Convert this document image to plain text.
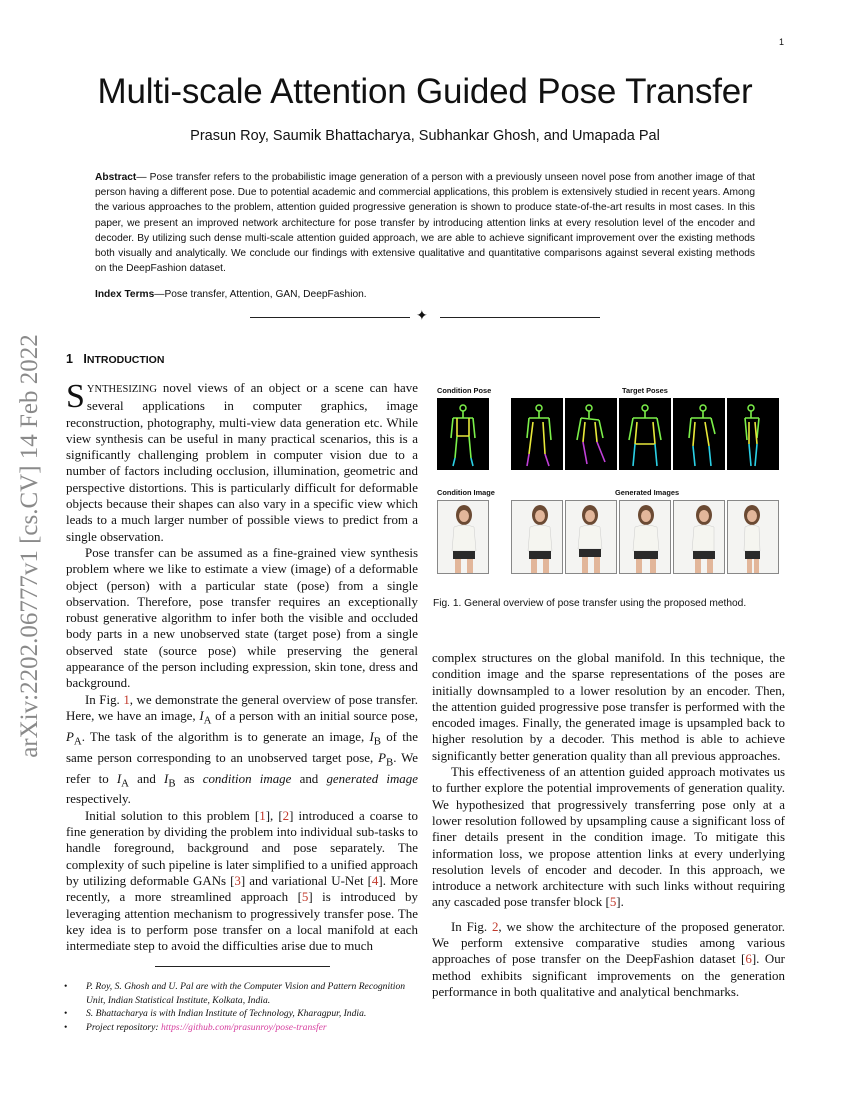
1
Multi-scale Attention Guided Pose Transfer
Prasun Roy, Saumik Bhattacharya, Subhankar Ghosh, and Umapada Pal

Abstract— Pose transfer refers to the probabilistic image generation of a person with a previously unseen novel pose from another image of that person having a different pose. Due to potential academic and commercial applications, this problem is extensively studied in recent years. Among the various approaches to the problem, attention guided progressive generation is shown to produce state-of-the-art results in most cases. In this paper, we present an improved network architecture for pose transfer by introducing attention links at every resolution level of the encoder and decoder. By utilizing such dense multi-scale attention guided approach, we are able to achieve significant improvement over the existing methods both visually and analytically. We conclude our findings with extensive qualitative and quantitative comparisons against several existing methods on the DeepFashion dataset.

Index Terms—Pose transfer, Attention, GAN, DeepFashion.

✦
arXiv:2202.06777v1 [cs.CV] 14 Feb 2022 1 INTRODUCTION

SYNTHESIZING novel views of an object or a scene can have several applications in computer graphics, image reconstruction, photography, multi-view data generation etc. While view synthesis can be useful in many practical scenarios, this is a significantly challenging problem in computer vision due to a number of factors including occlusion, illumination, geometric and perspective distortions. This is particularly difficult for deformable objects because their shapes can also vary in a specific view which leads to a much larger number of possible views to predict from a single observation.

Pose transfer can be assumed as a fine-grained view synthesis problem where we like to estimate a view (image) of a deformable object (person) with a particular state (pose) from a single observation. Therefore, pose transfer requires an exceptionally robust generative algorithm to infer both the visible and occluded body parts in a new unobserved state (target pose) from a single observed state (source pose) while preserving the general appearance of the person including expression, skin tone, dress and background.

In Fig. 1, we demonstrate the general overview of pose transfer. Here, we have an image, $I_A$ of a person with an initial source pose, $P_A$. The task of the algorithm is to generate an image, $I_B$ of the same person corresponding to an unobserved target pose, $P_B$. We refer to $I_A$ and $I_B$ as condition image and generated image respectively.

Initial solution to this problem [1], [2] introduced a coarse to fine generation by dividing the problem into individual sub-tasks to handle foreground, background and pose separately. The complexity of such pipeline is later simplified to a unified approach by utilizing deformable GANs [3] and variational U-Net [4]. More recently, a more streamlined approach [5] is introduced by leveraging attention mechanism to progressively transfer pose. The key idea is to perform pose transfer on a local manifold at each intermediate step to avoid the difficulties arise due to much

• P. Roy, S. Ghosh and U. Pal are with the Computer Vision and Pattern Recognition Unit, Indian Statistical Institute, Kolkata, India.
• S. Bhattacharya is with Indian Institute of Technology, Kharagpur, India.
• Project repository: https://github.com/prasunroy/pose-transfer
Condition Pose	Target Poses
Condition Image	Generated Images
Fig. 1. General overview of pose transfer using the proposed method.

complex structures on the global manifold. In this technique, the condition image and the sparse representations of the poses are initially downsampled to a lower resolution by an encoder. Then, the attention guided progressive pose transfer is performed with the encoded images. Finally, the generated image is upsampled back to higher resolution by a decoder. This method is able to achieve significantly better generation quality than all previous approaches.

This effectiveness of an attention guided approach motivates us to further explore the potential improvements of generation quality. We hypothesized that progressively transferring pose only at a lower resolution followed by upsampling cause a significant loss of finer details present in the condition image. To mitigate this information loss, we propose attention links at every underlying resolution levels of encoder and decoder. In this approach, we introduce a network architecture with such links without requiring any cascaded pose transfer block [5].

In Fig. 2, we show the architecture of the proposed generator. We perform extensive comparative studies among various approaches of pose transfer on the DeepFashion dataset [6]. Our method exhibits significant improvements on the generation performance in both qualitative and analytical benchmarks.
